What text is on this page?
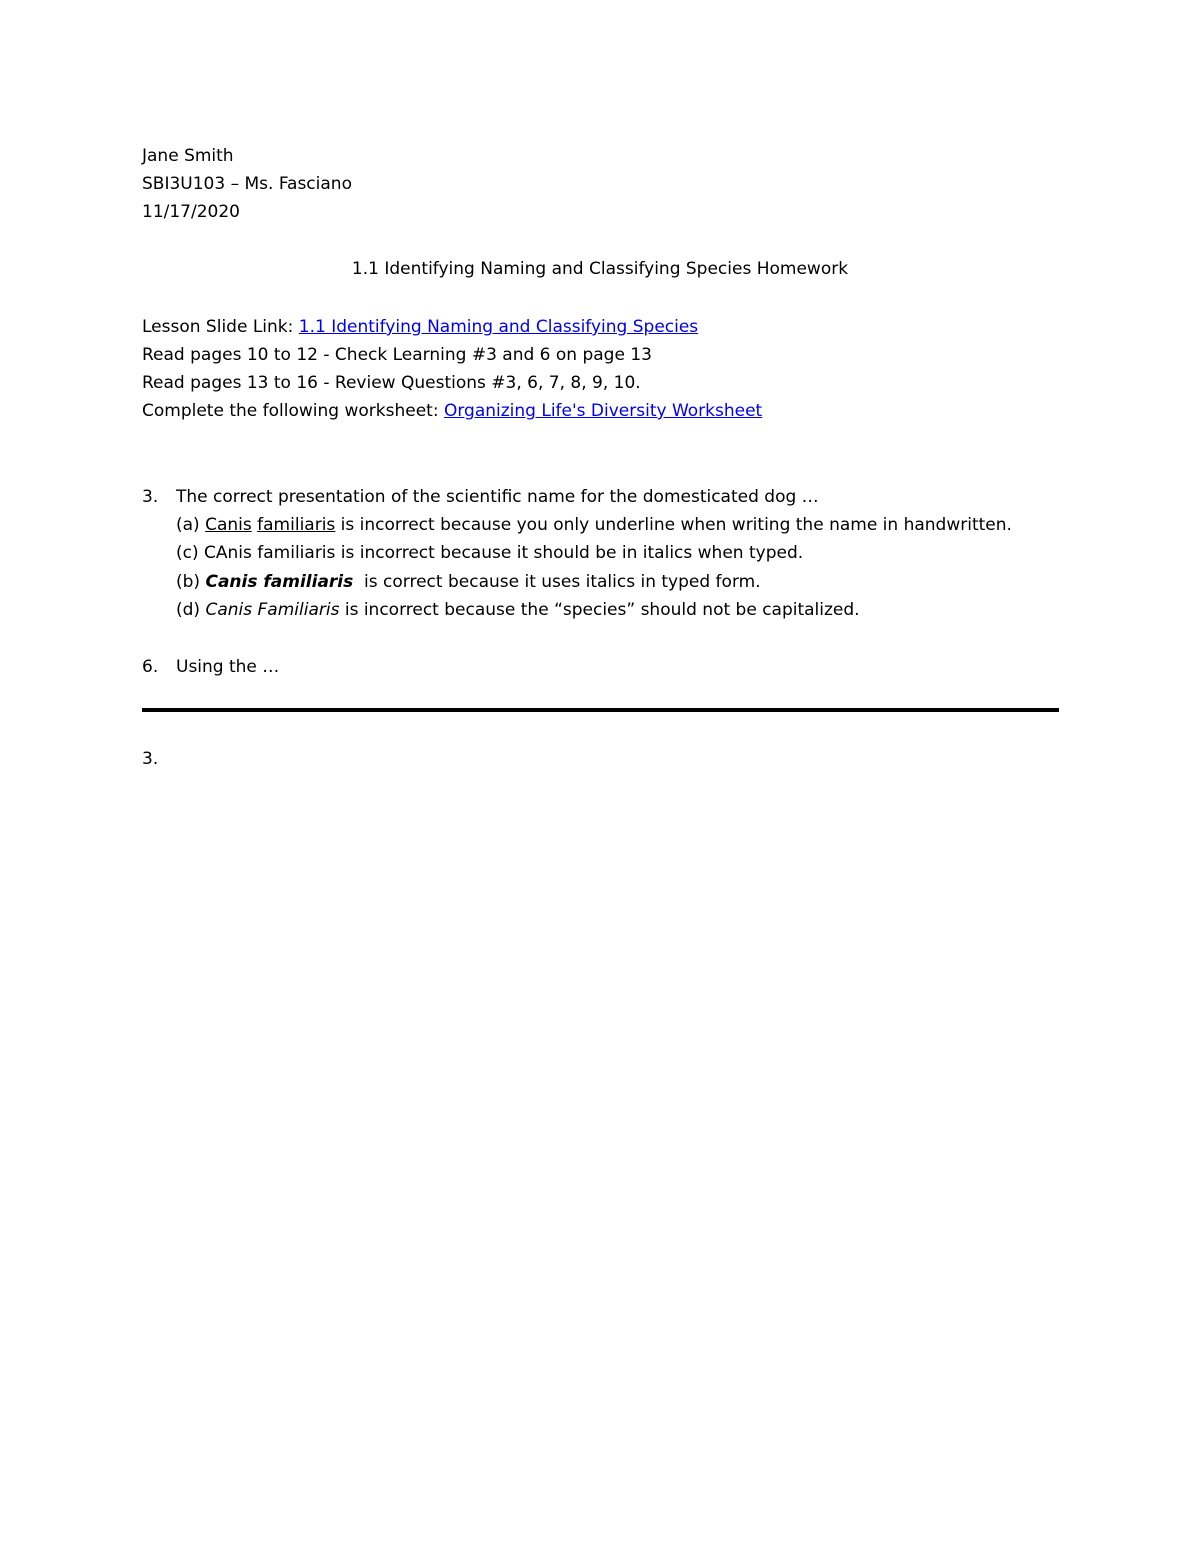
Jane Smith
SBI3U103 – Ms. Fasciano
11/17/2020
1.1 Identifying Naming and Classifying Species Homework
Lesson Slide Link: 1.1 Identifying Naming and Classifying Species
Read pages 10 to 12 - Check Learning #3 and 6 on page 13
Read pages 13 to 16 - Review Questions #3, 6, 7, 8, 9, 10.
Complete the following worksheet: Organizing Life's Diversity Worksheet
3. The correct presentation of the scientific name for the domesticated dog …
(a) Canis familiaris is incorrect because you only underline when writing the name in handwritten.
(c) CAnis familiaris is incorrect because it should be in italics when typed.
(b) Canis familiaris  is correct because it uses italics in typed form.
(d) Canis Familiaris is incorrect because the “species” should not be capitalized.
6. Using the …
3.
